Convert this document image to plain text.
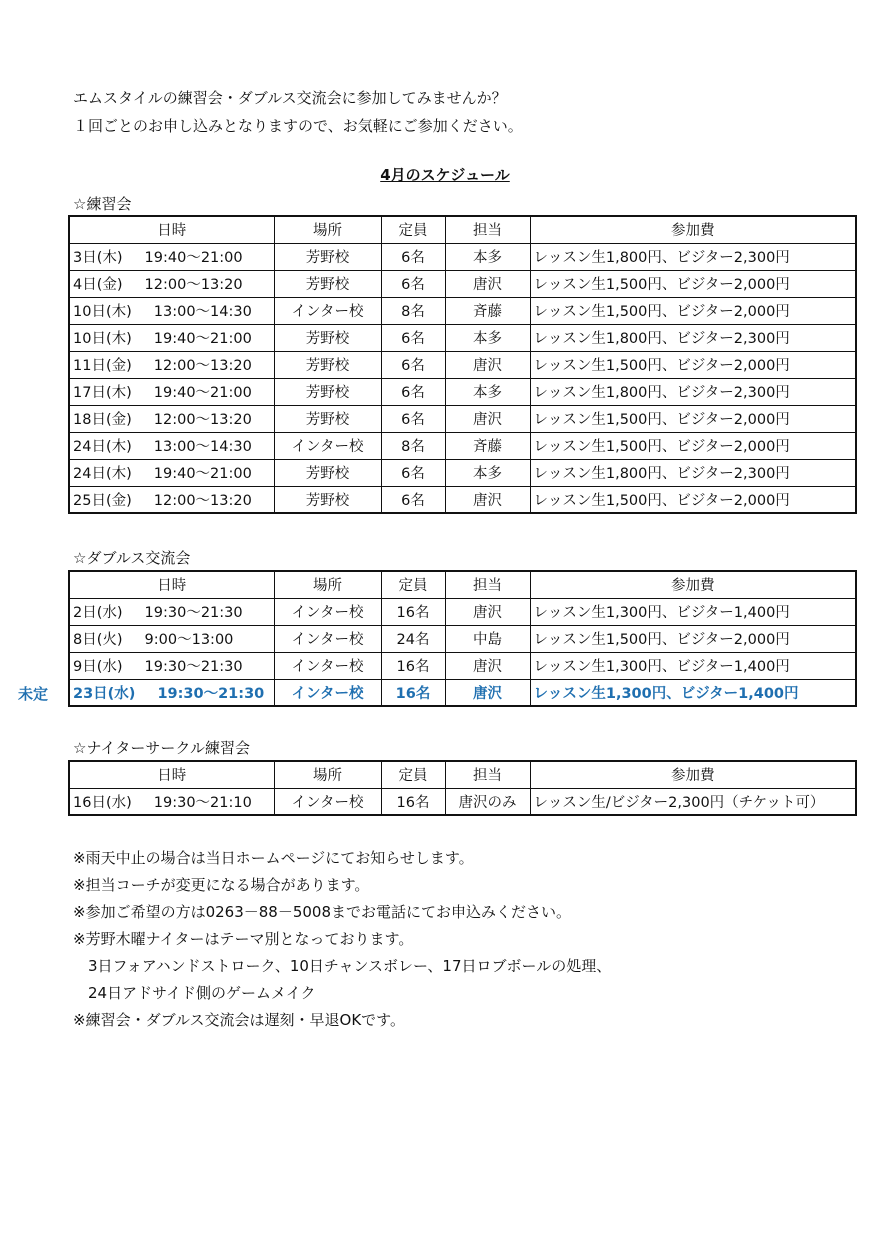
エムスタイルの練習会・ダブルス交流会に参加してみませんか？
１回ごとのお申し込みとなりますので、お気軽にご参加ください。
4月のスケジュール
☆練習会
日時	場所	定員	担当	参加費
3日(木) 19:40～21:00	芳野校	6名	本多	レッスン生1,800円、ビジター2,300円
4日(金) 12:00～13:20	芳野校	6名	唐沢	レッスン生1,500円、ビジター2,000円
10日(木) 13:00～14:30	インター校	8名	斉藤	レッスン生1,500円、ビジター2,000円
10日(木) 19:40～21:00	芳野校	6名	本多	レッスン生1,800円、ビジター2,300円
11日(金) 12:00～13:20	芳野校	6名	唐沢	レッスン生1,500円、ビジター2,000円
17日(木) 19:40～21:00	芳野校	6名	本多	レッスン生1,800円、ビジター2,300円
18日(金) 12:00～13:20	芳野校	6名	唐沢	レッスン生1,500円、ビジター2,000円
24日(木) 13:00～14:30	インター校	8名	斉藤	レッスン生1,500円、ビジター2,000円
24日(木) 19:40～21:00	芳野校	6名	本多	レッスン生1,800円、ビジター2,300円
25日(金) 12:00～13:20	芳野校	6名	唐沢	レッスン生1,500円、ビジター2,000円
☆ダブルス交流会
日時	場所	定員	担当	参加費
2日(水) 19:30～21:30	インター校	16名	唐沢	レッスン生1,300円、ビジター1,400円
8日(火) 9:00～13:00	インター校	24名	中島	レッスン生1,500円、ビジター2,000円
9日(水) 19:30～21:30	インター校	16名	唐沢	レッスン生1,300円、ビジター1,400円
23日(水) 19:30～21:30	インター校	16名	唐沢	レッスン生1,300円、ビジター1,400円
未定
☆ナイターサークル練習会
日時	場所	定員	担当	参加費
16日(水) 19:30～21:10	インター校	16名	唐沢のみ	レッスン生/ビジター2,300円（チケット可）
※雨天中止の場合は当日ホームページにてお知らせします。
※担当コーチが変更になる場合があります。
※参加ご希望の方は0263－88－5008までお電話にてお申込みください。
※芳野木曜ナイターはテーマ別となっております。
3日フォアハンドストローク、10日チャンスボレー、17日ロブボールの処理、
24日アドサイド側のゲームメイク
※練習会・ダブルス交流会は遅刻・早退OKです。
